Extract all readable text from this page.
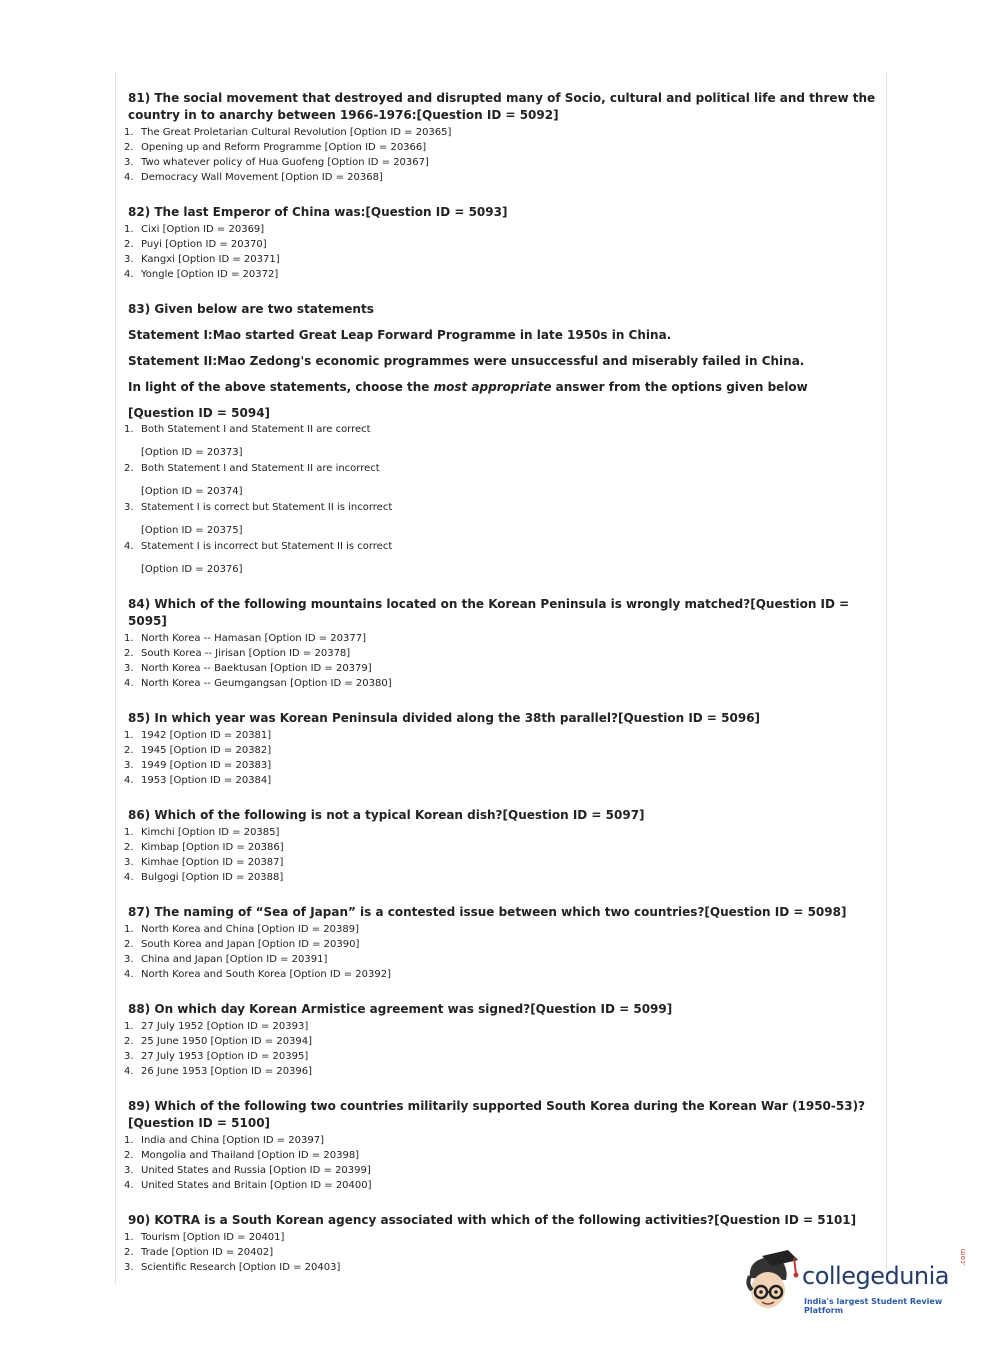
81) The social movement that destroyed and disrupted many of Socio, cultural and political life and threw the country in to anarchy between 1966-1976:[Question ID = 5092]
1. The Great Proletarian Cultural Revolution [Option ID = 20365]
2. Opening up and Reform Programme [Option ID = 20366]
3. Two whatever policy of Hua Guofeng [Option ID = 20367]
4. Democracy Wall Movement [Option ID = 20368]
82) The last Emperor of China was:[Question ID = 5093]
1. Cixi [Option ID = 20369]
2. Puyi [Option ID = 20370]
3. Kangxi [Option ID = 20371]
4. Yongle [Option ID = 20372]
83) Given below are two statements
Statement I:Mao started Great Leap Forward Programme in late 1950s in China.
Statement II:Mao Zedong's economic programmes were unsuccessful and miserably failed in China.
In light of the above statements, choose the most appropriate answer from the options given below
[Question ID = 5094]
1. Both Statement I and Statement II are correct
[Option ID = 20373]
2. Both Statement I and Statement II are incorrect
[Option ID = 20374]
3. Statement I is correct but Statement II is incorrect
[Option ID = 20375]
4. Statement I is incorrect but Statement II is correct
[Option ID = 20376]
84) Which of the following mountains located on the Korean Peninsula is wrongly matched?[Question ID = 5095]
1. North Korea -- Hamasan [Option ID = 20377]
2. South Korea -- Jirisan [Option ID = 20378]
3. North Korea -- Baektusan [Option ID = 20379]
4. North Korea -- Geumgangsan [Option ID = 20380]
85) In which year was Korean Peninsula divided along the 38th parallel?[Question ID = 5096]
1. 1942 [Option ID = 20381]
2. 1945 [Option ID = 20382]
3. 1949 [Option ID = 20383]
4. 1953 [Option ID = 20384]
86) Which of the following is not a typical Korean dish?[Question ID = 5097]
1. Kimchi [Option ID = 20385]
2. Kimbap [Option ID = 20386]
3. Kimhae [Option ID = 20387]
4. Bulgogi [Option ID = 20388]
87) The naming of “Sea of Japan” is a contested issue between which two countries?[Question ID = 5098]
1. North Korea and China [Option ID = 20389]
2. South Korea and Japan [Option ID = 20390]
3. China and Japan [Option ID = 20391]
4. North Korea and South Korea [Option ID = 20392]
88) On which day Korean Armistice agreement was signed?[Question ID = 5099]
1. 27 July 1952 [Option ID = 20393]
2. 25 June 1950 [Option ID = 20394]
3. 27 July 1953 [Option ID = 20395]
4. 26 June 1953 [Option ID = 20396]
89) Which of the following two countries militarily supported South Korea during the Korean War (1950-53)?[Question ID = 5100]
1. India and China [Option ID = 20397]
2. Mongolia and Thailand [Option ID = 20398]
3. United States and Russia [Option ID = 20399]
4. United States and Britain [Option ID = 20400]
90) KOTRA is a South Korean agency associated with which of the following activities?[Question ID = 5101]
1. Tourism [Option ID = 20401]
2. Trade [Option ID = 20402]
3. Scientific Research [Option ID = 20403]	collegedunia
.com
India's largest Student Review Platform
